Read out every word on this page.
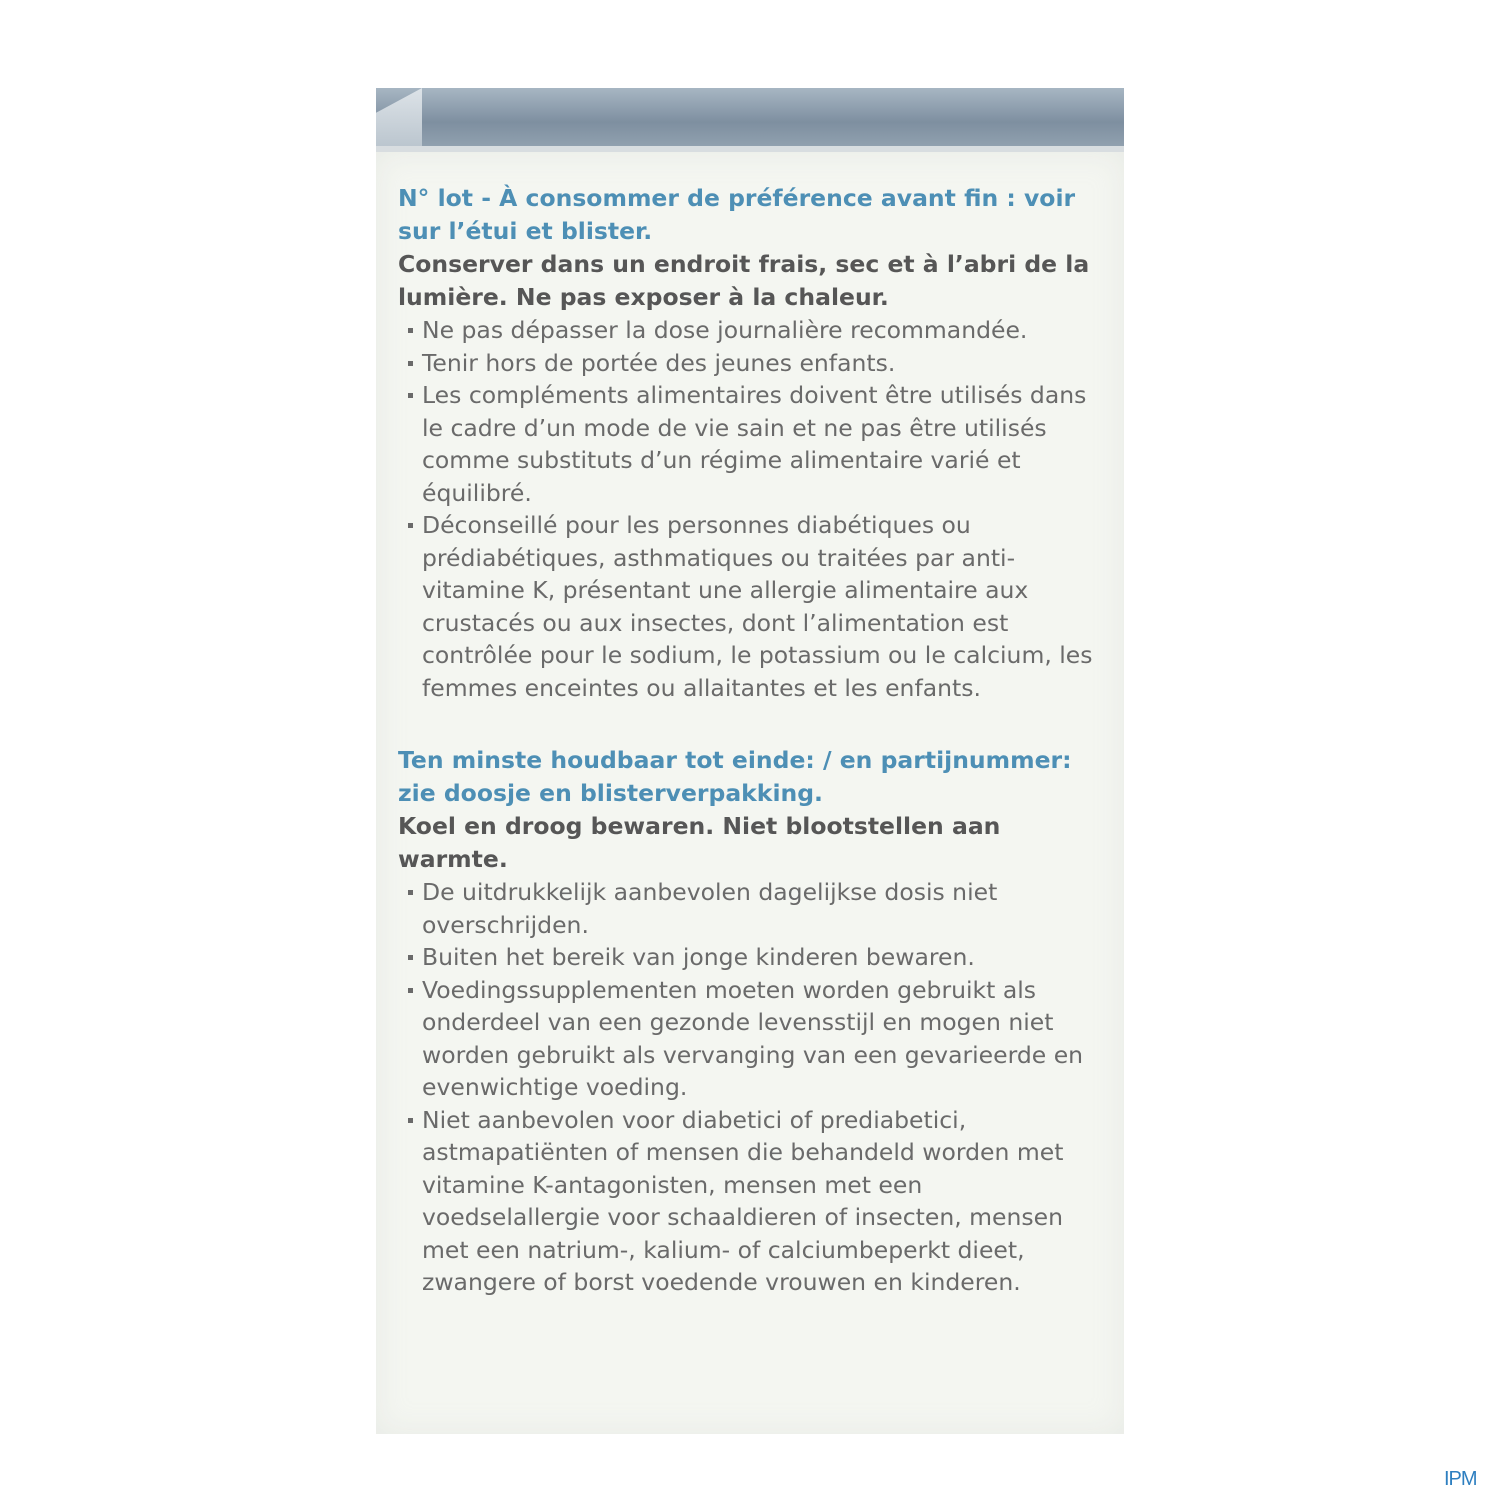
N° lot - À consommer de préférence avant fin : voir sur l’étui et blister.

Conserver dans un endroit frais, sec et à l’abri de la lumière. Ne pas exposer à la chaleur.

Ne pas dépasser la dose journalière recommandée.
Tenir hors de portée des jeunes enfants.
Les compléments alimentaires doivent être utilisés dans le cadre d’un mode de vie sain et ne pas être utilisés comme substituts d’un régime alimentaire varié et équilibré.
Déconseillé pour les personnes diabétiques ou prédiabétiques, asthmatiques ou traitées par anti-vitamine K, présentant une allergie alimentaire aux crustacés ou aux insectes, dont l’alimentation est contrôlée pour le sodium, le potassium ou le calcium, les femmes enceintes ou allaitantes et les enfants.

Ten minste houdbaar tot einde: / en partijnummer: zie doosje en blisterverpakking.

Koel en droog bewaren. Niet blootstellen aan warmte.

De uitdrukkelijk aanbevolen dagelijkse dosis niet overschrijden.
Buiten het bereik van jonge kinderen bewaren.
Voedingssupplementen moeten worden gebruikt als onderdeel van een gezonde levensstijl en mogen niet worden gebruikt als vervanging van een gevarieerde en evenwichtige voeding.
Niet aanbevolen voor diabetici of prediabetici, astmapatiënten of mensen die behandeld worden met vitamine K-antagonisten, mensen met een voedselallergie voor schaaldieren of insecten, mensen met een natrium-, kalium- of calciumbeperkt dieet, zwangere of borst voedende vrouwen en kinderen.
IPM
